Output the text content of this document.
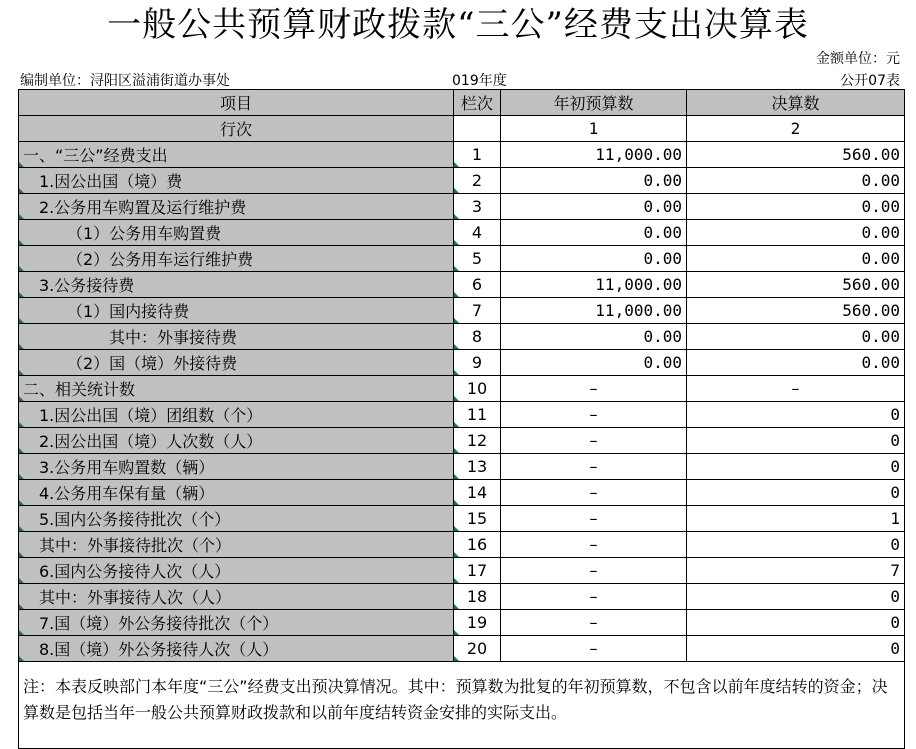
一般公共预算财政拨款“三公”经费支出决算表
金额单位：元
编制单位：浔阳区溢浦街道办事处	019年度	公开07表
项目	栏次	年初预算数	决算数
行次		1	2
一、“三公”经费支出	1	11,000.00	560.00
1.因公出国（境）费	2	0.00	0.00
2.公务用车购置及运行维护费	3	0.00	0.00
（1）公务用车购置费	4	0.00	0.00
（2）公务用车运行维护费	5	0.00	0.00
3.公务接待费	6	11,000.00	560.00
（1）国内接待费	7	11,000.00	560.00
其中：外事接待费	8	0.00	0.00
（2）国（境）外接待费	9	0.00	0.00
二、相关统计数	10	–	–
1.因公出国（境）团组数（个）	11	–	0
2.因公出国（境）人次数（人）	12	–	0
3.公务用车购置数（辆）	13	–	0
4.公务用车保有量（辆）	14	–	0
5.国内公务接待批次（个）	15	–	1
其中：外事接待批次（个）	16	–	0
6.国内公务接待人次（人）	17	–	7
其中：外事接待人次（人）	18	–	0
7.国（境）外公务接待批次（个）	19	–	0
8.国（境）外公务接待人次（人）	20	–	0
注：本表反映部门本年度“三公”经费支出预决算情况。其中：预算数为批复的年初预算数，不包含以前年度结转的资金；决算数是包括当年一般公共预算财政拨款和以前年度结转资金安排的实际支出。			
